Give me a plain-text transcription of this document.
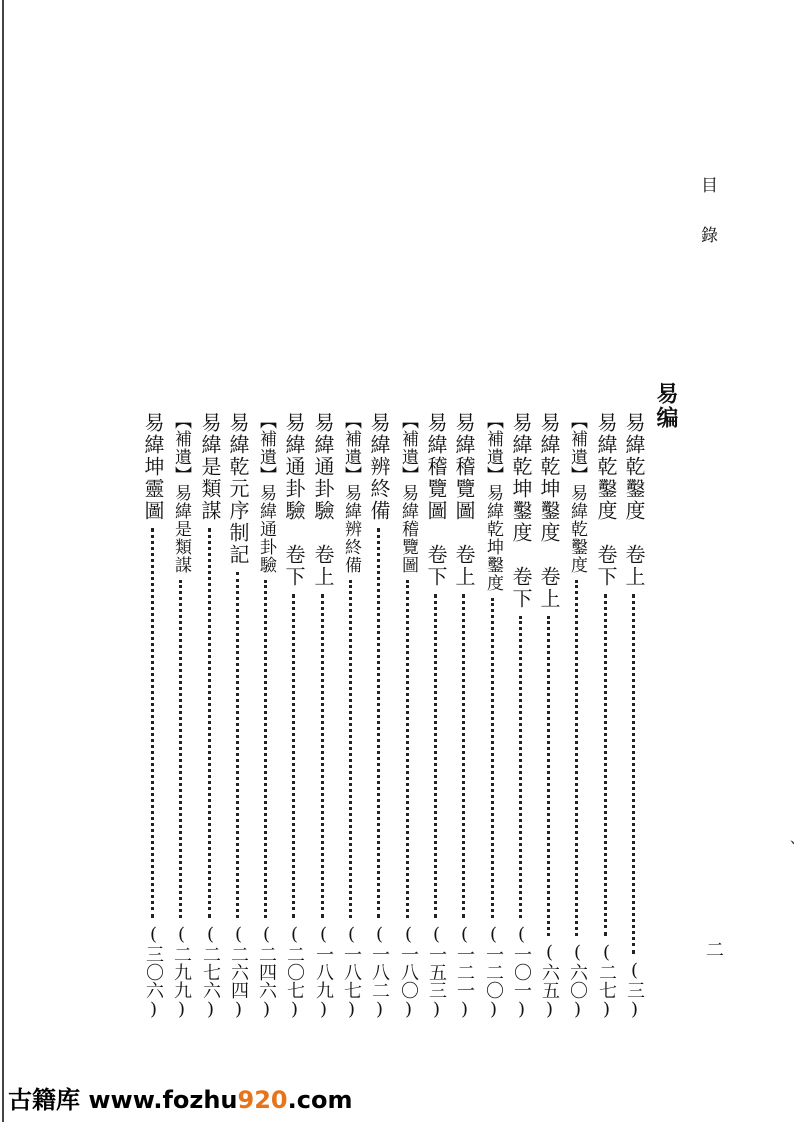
目
錄
易编
易緯乾鑿度　卷上
(三)
易緯乾鑿度　卷下
(二七)
【補遺】易緯乾鑿度
(六〇)
易緯乾坤鑿度　卷上
(六五)
易緯乾坤鑿度　卷下
(一〇一)
【補遺】易緯乾坤鑿度
(一二〇)
易緯稽覽圖　卷上
(一二一)
易緯稽覽圖　卷下
(一五三)
【補遺】易緯稽覽圖
(一八〇)
易緯辨終備
(一八二)
【補遺】易緯辨終備
(一八七)
易緯通卦驗　卷上
(一八九)
易緯通卦驗　卷下
(二〇七)
【補遺】易緯通卦驗
(二四六)
易緯乾元序制記
(二六四)
易緯是類謀
(二七六)
【補遺】易緯是類謀
(二九九)
易緯坤靈圖
(三〇六)	二
、
古籍库 www.fozhu920.com
